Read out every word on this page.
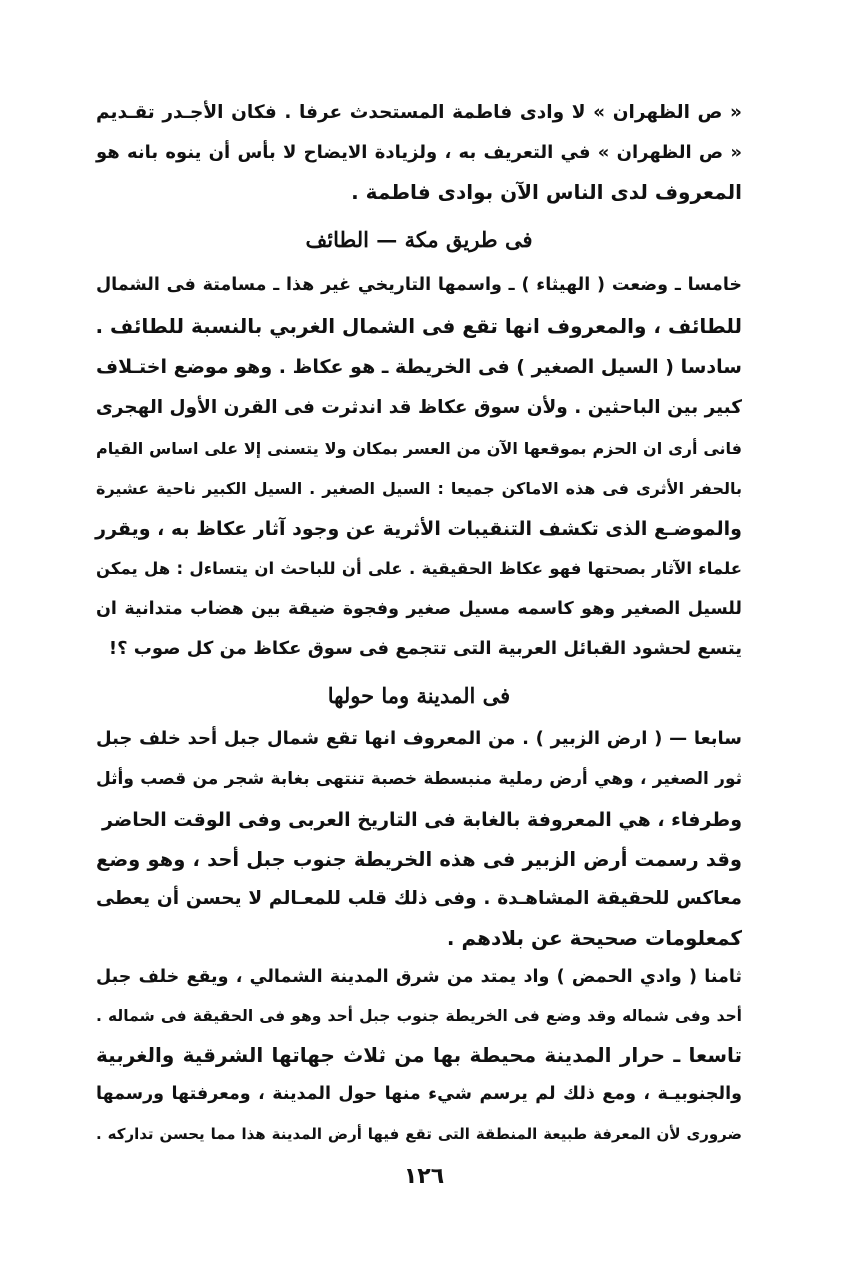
« ص الظهران » لا وادى فاطمة المستحدث عرفا . فكان الأجـدر تقـديم
« ص الظهران » في التعريف به ، ولزيادة الايضاح لا بأس أن ينوه بانه هو
المعروف لدى الناس الآن بوادى فاطمة .
فى طريق مكة — الطائف
خامسا ـ وضعت ( الهيثاء ) ـ واسمها التاريخي غير هذا ـ مسامتة فى الشمال
للطائف ، والمعروف انها تقع فى الشمال الغربي بالنسبة للطائف .
سادسا ( السيل الصغير ) فى الخريطة ـ هو عكاظ . وهو موضع اختـلاف
كبير بين الباحثين . ولأن سوق عكاظ قد اندثرت فى القرن الأول الهجرى
فانى أرى ان الحزم بموقعها الآن من العسر بمكان ولا يتسنى إلا على اساس القيام
بالحفر الأثرى فى هذه الاماكن جميعا : السيل الصغير . السيل الكبير ناحية عشيرة
والموضـع الذى تكشف التنقيبات الأثرية عن وجود آثار عكاظ به ، ويقرر
علماء الآثار بصحتها فهو عكاظ الحقيقية . على أن للباحث ان يتساءل : هل يمكن
للسيل الصغير وهو كاسمه مسيل صغير وفجوة ضيقة بين هضاب متدانية ان
يتسع لحشود القبائل العربية التى تتجمع فى سوق عكاظ من كل صوب ؟!
فى المدينة وما حولها
سابعا — ( ارض الزبير ) . من المعروف انها تقع شمال جبل أحد خلف جبل
ثور الصغير ، وهي أرض رملية منبسطة خصبة تنتهى بغابة شجر من قصب وأثل
وطرفاء ، هي المعروفة بالغابة فى التاريخ العربى وفى الوقت الحاضر
وقد رسمت أرض الزبير فى هذه الخريطة جنوب جبل أحد ، وهو وضع
معاكس للحقيقة المشاهـدة . وفى ذلك قلب للمعـالم لا يحسن أن يعطى
كمعلومات صحيحة عن بلادهم .
ثامنا ( وادي الحمض ) واد يمتد من شرق المدينة الشمالي ، ويقع خلف جبل
أحد وفى شماله وقد وضع فى الخريطة جنوب جبل أحد وهو فى الحقيقة فى شماله .
تاسعا ـ حرار المدينة محيطة بها من ثلاث جهاتها الشرقية والغربية
والجنوبيـة ، ومع ذلك لم يرسم شيء منها حول المدينة ، ومعرفتها ورسمها
ضرورى لأن المعرفة طبيعة المنطقة التى تقع فيها أرض المدينة هذا مما يحسن تداركه .
١٢٦
